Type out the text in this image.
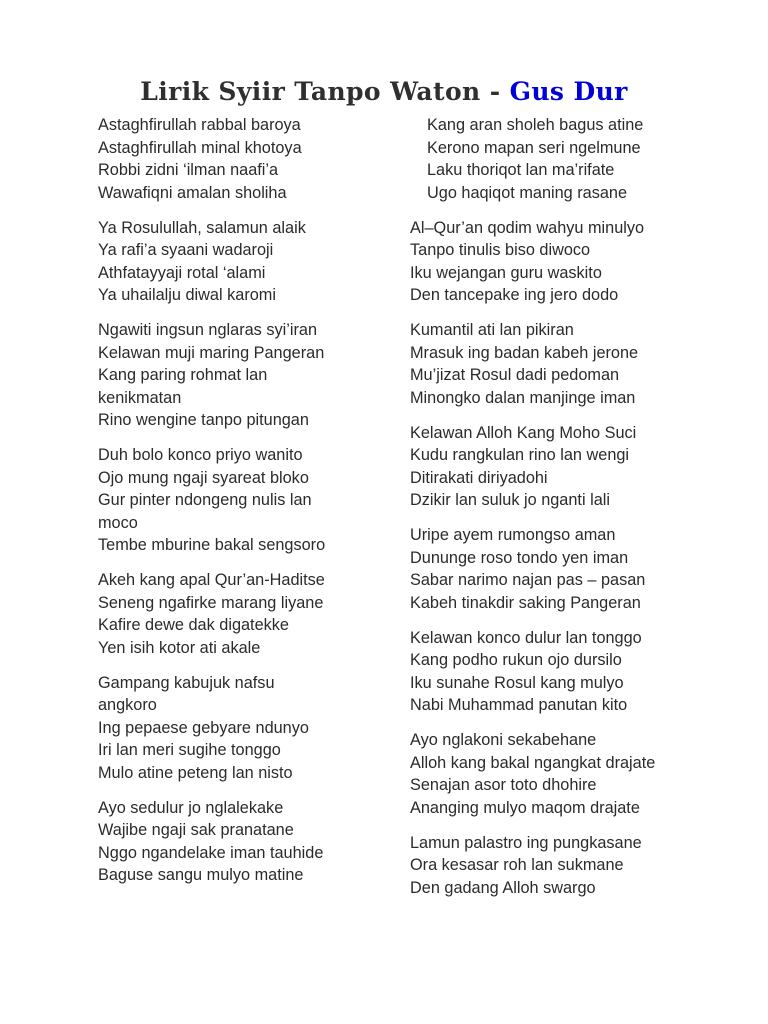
Lirik Syiir Tanpo Waton - Gus Dur
Astaghfirullah rabbal baroya
Astaghfirullah minal khotoya
Robbi zidni ‘ilman naafi’a
Wawafiqni amalan sholiha
Ya Rosulullah, salamun alaik
Ya rafi’a syaani wadaroji
Athfatayyaji rotal ‘alami
Ya uhailalju diwal karomi
Ngawiti ingsun nglaras syi’iran
Kelawan muji maring Pangeran
Kang paring rohmat lan
kenikmatan
Rino wengine tanpo pitungan
Duh bolo konco priyo wanito
Ojo mung ngaji syareat bloko
Gur pinter ndongeng nulis lan
moco
Tembe mburine bakal sengsoro
Akeh kang apal Qur’an-Haditse
Seneng ngafirke marang liyane
Kafire dewe dak digatekke
Yen isih kotor ati akale
Gampang kabujuk nafsu
angkoro
Ing pepaese gebyare ndunyo
Iri lan meri sugihe tonggo
Mulo atine peteng lan nisto
Ayo sedulur jo nglalekake
Wajibe ngaji sak pranatane
Nggo ngandelake iman tauhide
Baguse sangu mulyo matine
Kang aran sholeh bagus atine
Kerono mapan seri ngelmune
Laku thoriqot lan ma’rifate
Ugo haqiqot maning rasane
Al–Qur’an qodim wahyu minulyo
Tanpo tinulis biso diwoco
Iku wejangan guru waskito
Den tancepake ing jero dodo
Kumantil ati lan pikiran
Mrasuk ing badan kabeh jerone
Mu’jizat Rosul dadi pedoman
Minongko dalan manjinge iman
Kelawan Alloh Kang Moho Suci
Kudu rangkulan rino lan wengi
Ditirakati diriyadohi
Dzikir lan suluk jo nganti lali
Uripe ayem rumongso aman
Dununge roso tondo yen iman
Sabar narimo najan pas – pasan
Kabeh tinakdir saking Pangeran
Kelawan konco dulur lan tonggo
Kang podho rukun ojo dursilo
Iku sunahe Rosul kang mulyo
Nabi Muhammad panutan kito
Ayo nglakoni sekabehane
Alloh kang bakal ngangkat drajate
Senajan asor toto dhohire
Ananging mulyo maqom drajate
Lamun palastro ing pungkasane
Ora kesasar roh lan sukmane
Den gadang Alloh swargo
